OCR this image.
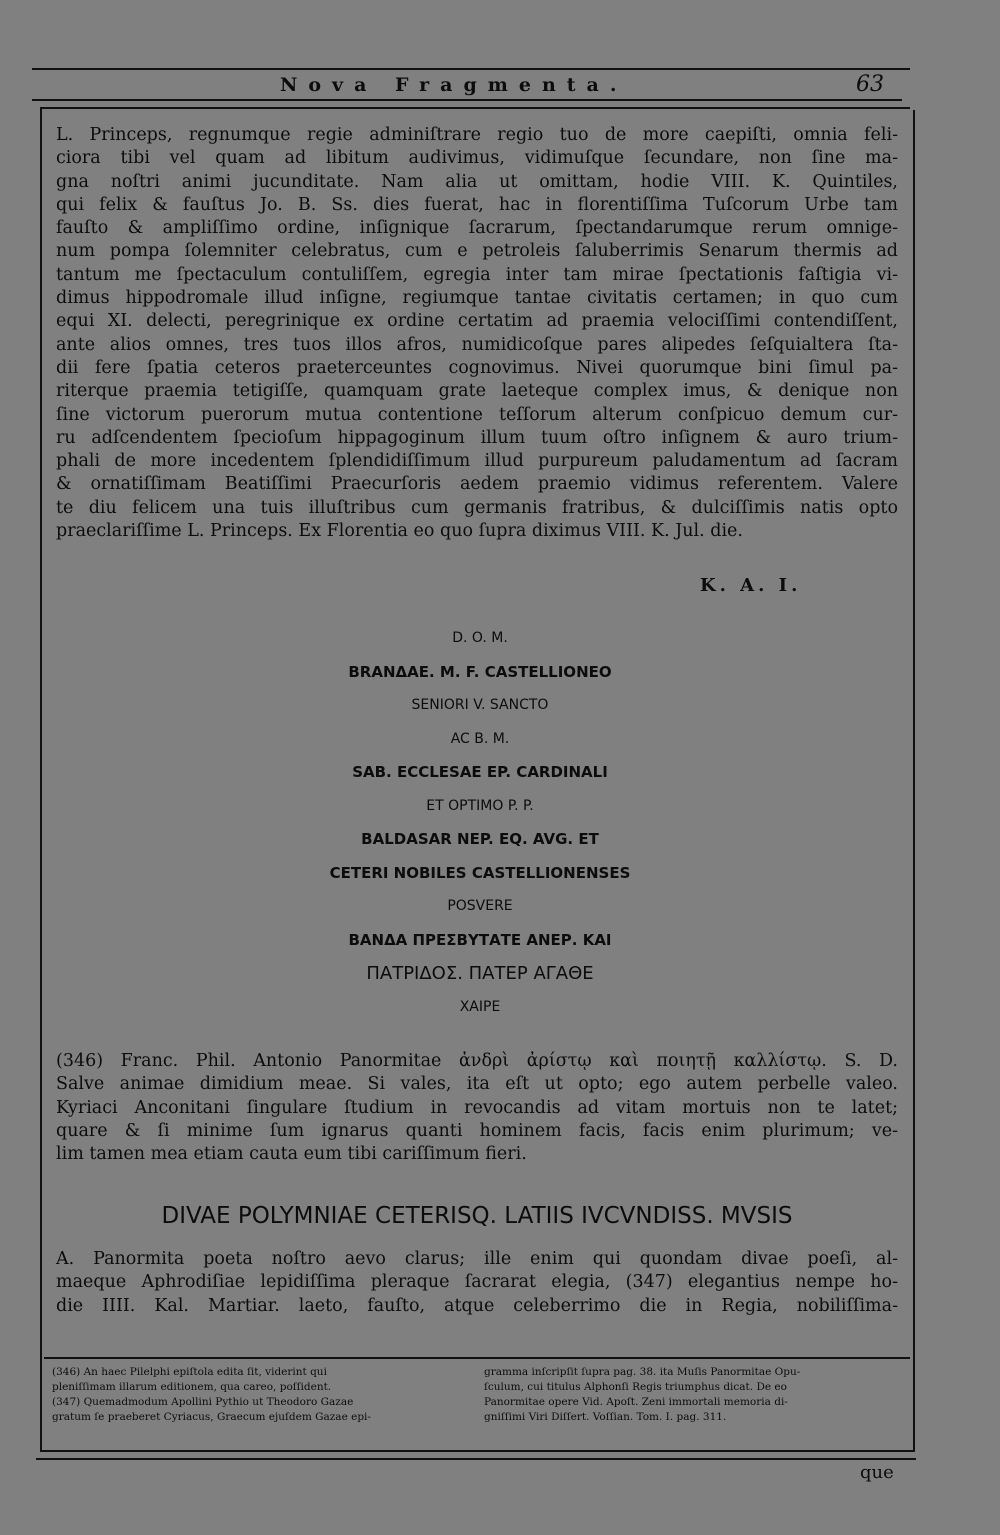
Nova Fragmenta.	63
L. Princeps, regnumque regie adminiſtrare regio tuo de more caepiſti, omnia feli-
ciora tibi vel quam ad libitum audivimus, vidimuſque ſecundare, non ſine ma-
gna noſtri animi jucunditate. Nam alia ut omittam, hodie VIII. K. Quintiles,
qui felix & fauſtus Jo. B. Ss. dies fuerat, hac in florentiſſima Tuſcorum Urbe tam
fauſto & ampliſſimo ordine, inſignique ſacrarum, ſpectandarumque rerum omnige-
num pompa ſolemniter celebratus, cum e petroleis ſaluberrimis Senarum thermis ad
tantum me ſpectaculum contuliſſem, egregia inter tam mirae ſpectationis faſtigia vi-
dimus hippodromale illud inſigne, regiumque tantae civitatis certamen; in quo cum
equi XI. delecti, peregrinique ex ordine certatim ad praemia velociſſimi contendiſſent,
ante alios omnes, tres tuos illos afros, numidicoſque pares alipedes ſeſquialtera ſta-
dii fere ſpatia ceteros praeterceuntes cognovimus. Nivei quorumque bini ſimul pa-
riterque praemia tetigiſſe, quamquam grate laeteque complex imus, & denique non
ſine victorum puerorum mutua contentione teſſorum alterum conſpicuo demum cur-
ru adſcendentem ſpecioſum hippagoginum illum tuum oſtro inſignem & auro trium-
phali de more incedentem ſplendidiſſimum illud purpureum paludamentum ad ſacram
& ornatiſſimam Beatiſſimi Praecurſoris aedem praemio vidimus referentem. Valere
te diu felicem una tuis illuſtribus cum germanis fratribus, & dulciſſimis natis opto
praeclariſſime L. Princeps. Ex Florentia eo quo ſupra diximus VIII. K. Jul. die.
K. A. I.
D. O. M.
BRANΔAE. M. F. CASTELLIONEO
SENIORI V. SANCTO
AC B. M.
SAB. ECCLESAE EP. CARDINALI
ET OPTIMO P. P.
BALDASAR NEP. EQ. AVG. ET
CETERI NOBILES CASTELLIONENSES
POSVERE
BANΔA ΠΡΕΣΒΥΤΑΤΕ ΑΝΕΡ. ΚΑΙ
ΠΑΤΡΙΔΟΣ. ΠΑΤΕΡ ΑΓΑΘΕ
ΧΑΙΡΕ
(346) Franc. Phil. Antonio Panormitae ἀνδρὶ ἀρίστῳ καὶ ποιητῇ καλλίστῳ. S. D.
Salve animae dimidium meae. Si vales, ita eſt ut opto; ego autem perbelle valeo.
Kyriaci Anconitani ſingulare ſtudium in revocandis ad vitam mortuis non te latet;
quare & ſi minime ſum ignarus quanti hominem facis, facis enim plurimum; ve-
lim tamen mea etiam cauta eum tibi cariſſimum fieri.
DIVAE POLYMNIAE CETERISQ. LATIIS IVCVNDISS. MVSIS
A. Panormita poeta noſtro aevo clarus; ille enim qui quondam divae poeſi, al-
maeque Aphrodiſiae lepidiſſima pleraque ſacrarat elegia, (347) elegantius nempe ho-
die IIII. Kal. Martiar. laeto, fauſto, atque celeberrimo die in Regia, nobiliſſima-
(346) An haec Pilelphi epiſtola edita ſit, viderint qui
pleniſſimam illarum editionem, qua careo, poſſident.
(347) Quemadmodum Apollini Pythio ut Theodoro Gazae
gratum ſe praeberet Cyriacus, Graecum ejuſdem Gazae epi-
gramma inſcripſit ſupra pag. 38. ita Muſis Panormitae Opu-
ſculum, cui titulus Alphonſi Regis triumphus dicat. De eo
Panormitae opere Vid. Apoſt. Zeni immortali memoria di-
gniſſimi Viri Diſſert. Voſſian. Tom. I. pag. 311.
que
